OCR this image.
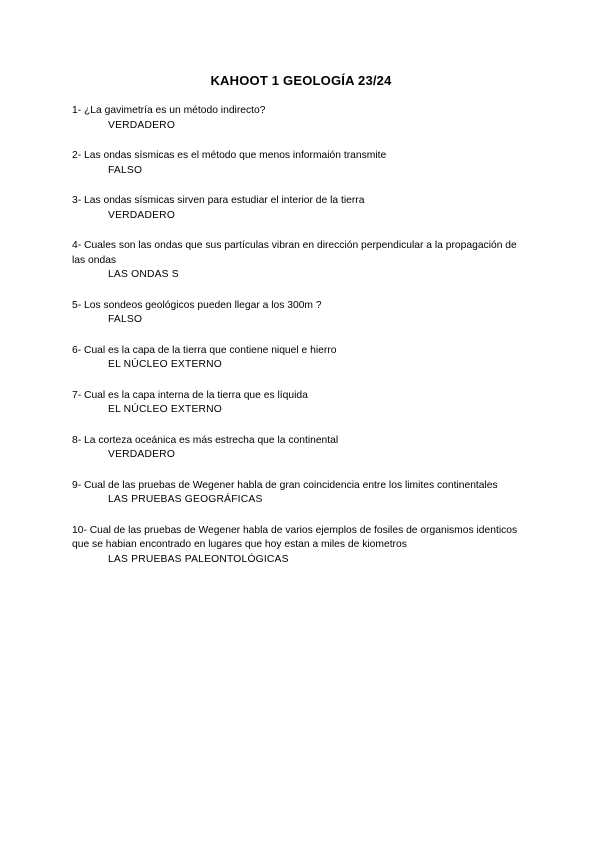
KAHOOT 1 GEOLOGÍA 23/24

1- ¿La gavimetría es un método indirecto?

VERDADERO

2- Las ondas sísmicas es el método que menos informaión transmite

FALSO

3- Las ondas sísmicas sirven para estudiar el interior de la tierra

VERDADERO

4- Cuales son las ondas que sus partículas vibran en dirección perpendicular a la propagación de las ondas

LAS ONDAS S

5- Los sondeos geológicos pueden llegar a los 300m ?

FALSO

6- Cual es la capa de la tierra que contiene niquel e hierro

EL NÚCLEO EXTERNO

7- Cual es la capa interna de la tierra que es líquida

EL NÚCLEO EXTERNO

8- La corteza oceánica es más estrecha que la continental

VERDADERO

9- Cual de las pruebas de Wegener habla de gran coincidencia entre los limites continentales

LAS PRUEBAS GEOGRÁFICAS

10- Cual de las pruebas de Wegener habla de varios ejemplos de fosiles de organismos identicos que se habian encontrado en lugares que hoy estan a miles de kiometros

LAS PRUEBAS PALEONTOLÓGICAS
